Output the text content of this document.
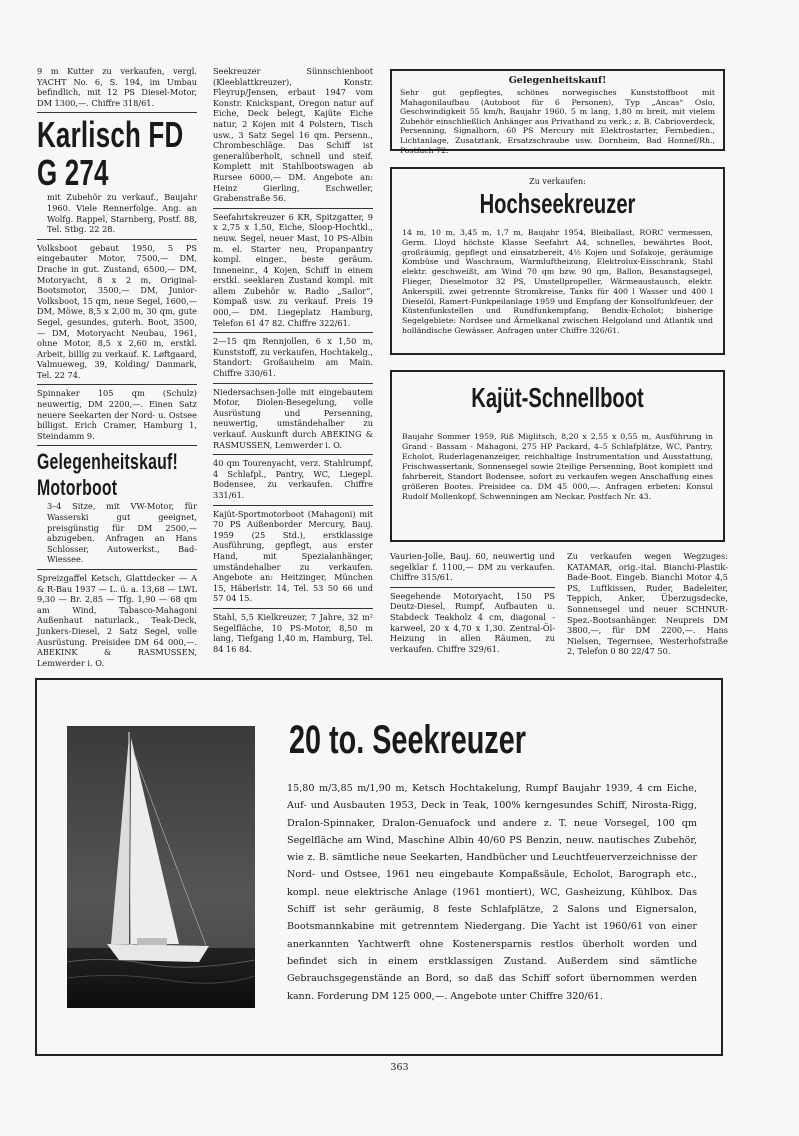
9 m Kutter zu verkaufen, vergl. YACHT No. 6, S. 194, im Umbau befindlich, mit 12 PS Diesel-Motor, DM 1300,—. Chiffre 318/61.

Karlisch FD
G 274

mit Zubehör zu verkauf., Baujahr 1960. Viele Rennerfolge. Ang. an Wolfg. Rappel, Starnberg, Postf. 88, Tel. Stbg. 22 28.

Volksboot gebaut 1950, 5 PS eingebauter Motor, 7500,— DM, Drache in gut. Zustand, 6500,— DM, Motoryacht, 8 x 2 m, Original-Bootsmotor, 3500,— DM, Junior-Volksboot, 15 qm, neue Segel, 1600,— DM, Möwe, 8,5 x 2,00 m, 30 qm, gute Segel, gesundes, guterh. Boot, 3500,— DM, Motoryacht Neubau, 1961, ohne Motor, 8,5 x 2,60 m, erstkl. Arbeit, billig zu verkauf. K. Løftgaard, Valmueweg, 39, Kolding/ Danmark, Tel. 22 74.

Spinnaker 105 qm (Schulz) neuwertig, DM 2200,—. Einen Satz neuere Seekarten der Nord- u. Ostsee billigst. Erich Cramer, Hamburg 1, Steindamm 9.

Gelegenheitskauf!
Motorboot

3–4 Sitze, mit VW-Motor, für Wasserski gut geeignet, preisgünstig für DM 2500,— abzugeben. Anfragen an Hans Schlosser, Autowerkst., Bad-Wiessee.

Spreizgaffel Ketsch, Glattdecker — A & R-Bau 1937 — L. ü. a. 13,68 — LWL 9,30 — Br. 2,85 — Tfg. 1,90 — 68 qm am Wind, Tabasco-Mahagoni Außenhaut naturlack., Teak-Deck, Junkers-Diesel, 2 Satz Segel, volle Ausrüstung. Preisidee DM 64 000,—. ABEKINK & RASMUSSEN, Lemwerder i. O.

Seekreuzer Sünnschienboot (Kleeblattkreuzer), Konstr. Fleyrup/Jensen, erbaut 1947 vom Konstr. Knickspant, Oregon natur auf Eiche, Deck belegt, Kajüte Eiche natur, 2 Kojen mit 4 Polstern, Tisch usw., 3 Satz Segel 16 qm. Persenn., Chrombeschläge. Das Schiff ist generalüberholt, schnell und steif. Komplett mit Stahlbootswagen ab Rursee 6000,— DM. Angebote an: Heinz Gierling, Eschweiler, Grabenstraße 56.

Seefahrtskreuzer 6 KR, Spitzgatter, 9 x 2,75 x 1,50, Eiche, Sloop-Hochtkl., neuw. Segel, neuer Mast, 10 PS-Albin m. el. Starter neu, Propanpantry kompl. einger., beste geräum. Inneneinr., 4 Kojen, Schiff in einem erstkl. seeklaren Zustand kompl. mit allem Zubehör w. Radio „Sailor“, Kompaß usw. zu verkauf. Preis 19 000,— DM. Liegeplatz Hamburg, Telefon 61 47 82. Chiffre 322/61.

2—15 qm Rennjollen, 6 x 1,50 m, Kunststoff, zu verkaufen, Hochtakelg., Standort: Großauheim am Main. Chiffre 330/61.

Niedersachsen-Jolle mit eingebautem Motor, Diolen-Besegelung, volle Ausrüstung und Persenning, neuwertig, umständehalber zu verkauf. Auskunft durch ABEKING & RASMUSSEN, Lemwerder i. O.

40 qm Tourenyacht, verz. Stahlrumpf, 4 Schlafpl., Pantry, WC, Liegepl. Bodensee, zu verkaufen. Chiffre 331/61.

Kajüt-Sportmotorboot (Mahagoni) mit 70 PS Außenborder Mercury, Bauj. 1959 (25 Std.), erstklassige Ausführung, gepflegt, aus erster Hand, mit Spezialanhänger, umständehalber zu verkaufen. Angebote an: Heitzinger, München 15, Häberlstr. 14, Tel. 53 50 66 und 57 04 15.

Stahl, 5,5 Kielkreuzer, 7 Jahre, 32 m² Segelfläche, 10 PS-Motor, 8,50 m lang, Tiefgang 1,40 m, Hamburg, Tel. 84 16 84.

Gelegenheitskauf!

Sehr gut gepflegtes, schönes norwegisches Kunststoffboot mit Mahagonilaufbau (Autoboot für 6 Personen), Typ „Ancas“ Oslo, Geschwindigkeit 55 km/h, Baujahr 1960, 5 m lang, 1,80 m breit, mit vielem Zubehör einschließlich Anhänger aus Privathand zu verk.; z. B. Cabrioverdeck, Persenning, Signalhorn, 60 PS Mercury mit Elektrostarter, Fernbedien., Lichtanlage, Zusatztank, Ersatzschraube usw. Dornheim, Bad Honnef/Rh., Postfach 72.

Zu verkaufen:
Hochseekreuzer

14 m, 10 m, 3,45 m, 1,7 m, Baujahr 1954, Bleiballast, RORC vermessen, Germ. Lloyd höchste Klasse Seefahrt A4, schnelles, bewährtes Boot, großräumig, gepflegt und einsatzbereit, 4½ Kojen und Sofakoje, geräumige Kombüse und Waschraum, Warmluftheizung, Elektrolux-Eisschrank, Stahl elektr. geschweißt, am Wind 70 qm bzw. 90 qm, Ballon, Besanstagsegel, Flieger, Dieselmotor 32 PS, Umstellpropeller, Wärmeaustausch, elektr. Ankerspill, zwei getrennte Stromkreise, Tanks für 400 l Wasser und 400 l Dieselöl, Ramert-Funkpeilanlage 1959 und Empfang der Konsolfunkfeuer, der Küstenfunkstellen und Rundfunkempfang, Bendix-Echolot; bisherige Segelgebiete: Nordsee und Ärmelkanal zwischen Helgoland und Atlantik und holländische Gewässer. Anfragen unter Chiffre 326/61.

Kajüt-Schnellboot

Baujahr Sommer 1959, Riß Miglitsch, 8,20 x 2,55 x 0,55 m, Ausführung in Grand - Bassam - Mahagoni, 275 HP Packard, 4–5 Schlafplätze, WC, Pantry, Echolot, Ruderlagenanzeiger, reichhaltige Instrumentation und Ausstattung, Frischwassertank, Sonnensegel sowie 2teilige Persenning, Boot komplett und fahrbereit, Standort Bodensee, sofort zu verkaufen wegen Anschaffung eines größeren Bootes. Preisidee ca. DM 45 000,—. Anfragen erbeten: Konsul Rudolf Mollenkopf, Schwenningen am Neckar, Postfach Nr. 43.

Vaurien-Jolle, Bauj. 60, neuwertig und segelklar f. 1100,— DM zu verkaufen. Chiffre 315/61.

Seegehende Motoryacht, 150 PS Deutz-Diesel, Rumpf, Aufbauten u. Stabdeck Teakholz 4 cm, diagonal - karweel, 20 x 4,70 x 1,30. Zentral-Öl-Heizung in allen Räumen, zu verkaufen. Chiffre 329/61.

Zu verkaufen wegen Wegzuges: KATAMAR, orig.-ital. Bianchi-Plastik-Bade-Boot. Eingeb. Bianchi Motor 4,5 PS, Luftkissen, Ruder, Badeleiter, Teppich, Anker, Überzugsdecke, Sonnensegel und neuer SCHNUR-Spez.-Bootsanhänger. Neupreis DM 3800,—, für DM 2200,—. Hans Nielsen, Tegernsee, Westerhofstraße 2, Telefon 0 80 22/47 50.

20 to. Seekreuzer

15,80 m/3,85 m/1,90 m, Ketsch Hochtakelung, Rumpf Baujahr 1939, 4 cm Eiche, Auf- und Ausbauten 1953, Deck in Teak, 100% kerngesundes Schiff, Nirosta-Rigg, Dralon-Spinnaker, Dralon-Genuafock und andere z. T. neue Vorsegel, 100 qm Segelfläche am Wind, Maschine Albin 40/60 PS Benzin, neuw. nautisches Zubehör, wie z. B. sämtliche neue Seekarten, Handbücher und Leuchtfeuerverzeichnisse der Nord- und Ostsee, 1961 neu eingebaute Kompaßsäule, Echolot, Barograph etc., kompl. neue elektrische Anlage (1961 montiert), WC, Gasheizung, Kühlbox. Das Schiff ist sehr geräumig, 8 feste Schlafplätze, 2 Salons und Eignersalon, Bootsmannkabine mit getrenntem Niedergang. Die Yacht ist 1960/61 von einer anerkannten Yachtwerft ohne Kostenersparnis restlos überholt worden und befindet sich in einem erstklassigen Zustand. Außerdem sind sämtliche Gebrauchsgegenstände an Bord, so daß das Schiff sofort übernommen werden kann. Forderung DM 125 000,—. Angebote unter Chiffre 320/61.

363
